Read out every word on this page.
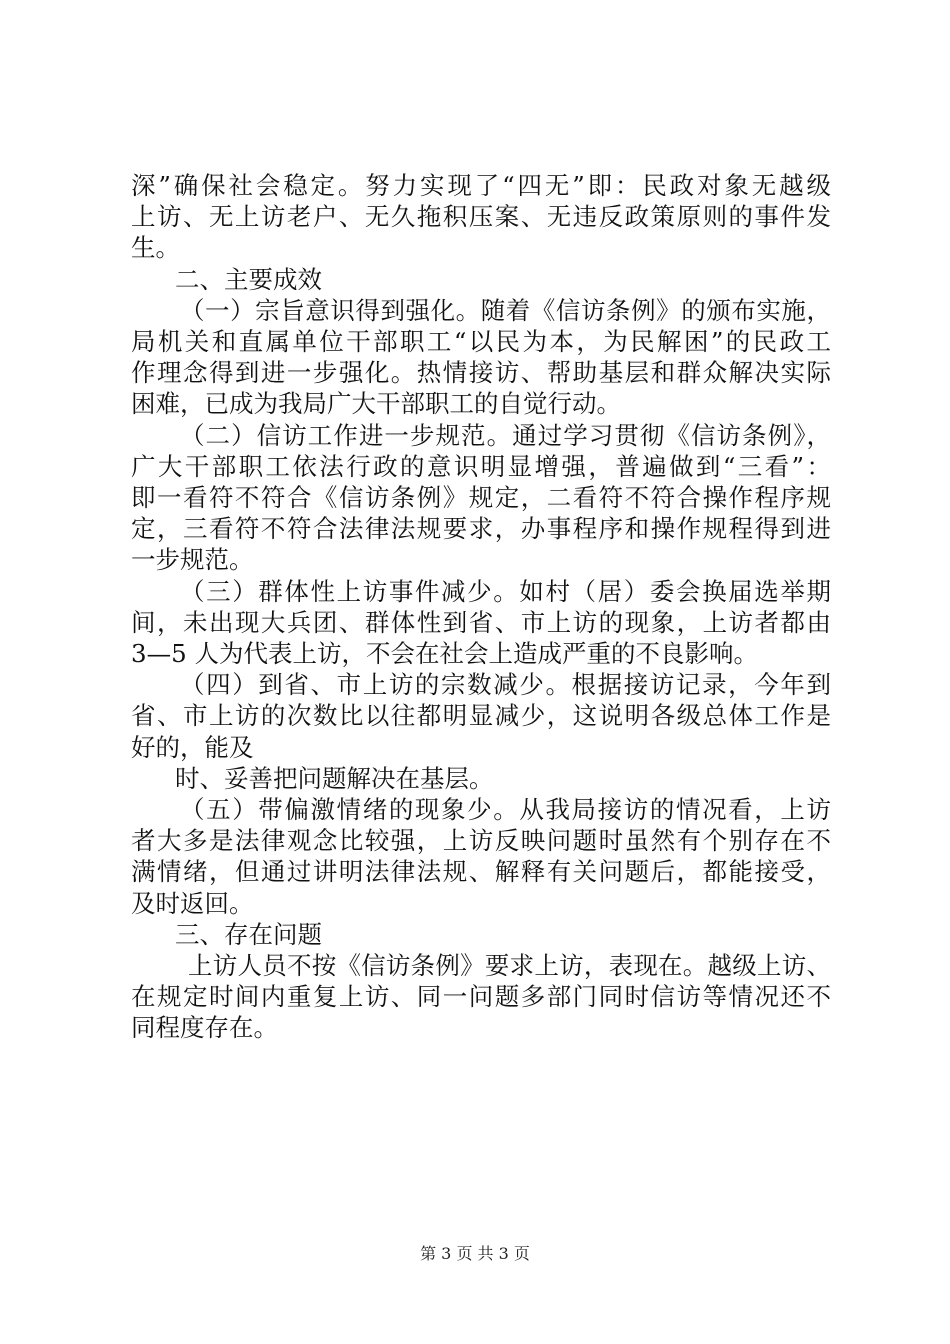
深”确保社会稳定。努力实现了“四无”即：民政对象无越级
上访、无上访老户、无久拖积压案、无违反政策原则的事件发
生。
二、主要成效
（一）宗旨意识得到强化。随着《信访条例》的颁布实施，
局机关和直属单位干部职工“以民为本，为民解困”的民政工
作理念得到进一步强化。热情接访、帮助基层和群众解决实际
困难，已成为我局广大干部职工的自觉行动。
（二）信访工作进一步规范。通过学习贯彻《信访条例》，
广大干部职工依法行政的意识明显增强，普遍做到“三看”：
即一看符不符合《信访条例》规定，二看符不符合操作程序规
定，三看符不符合法律法规要求，办事程序和操作规程得到进
一步规范。
（三）群体性上访事件减少。如村（居）委会换届选举期
间，未出现大兵团、群体性到省、市上访的现象，上访者都由
3—5 人为代表上访，不会在社会上造成严重的不良影响。
（四）到省、市上访的宗数减少。根据接访记录，今年到
省、市上访的次数比以往都明显减少，这说明各级总体工作是
好的，能及
时、妥善把问题解决在基层。
（五）带偏激情绪的现象少。从我局接访的情况看，上访
者大多是法律观念比较强，上访反映问题时虽然有个别存在不
满情绪，但通过讲明法律法规、解释有关问题后，都能接受，
及时返回。
三、存在问题
上访人员不按《信访条例》要求上访，表现在。越级上访、
在规定时间内重复上访、同一问题多部门同时信访等情况还不
同程度存在。
第 3 页 共 3 页
